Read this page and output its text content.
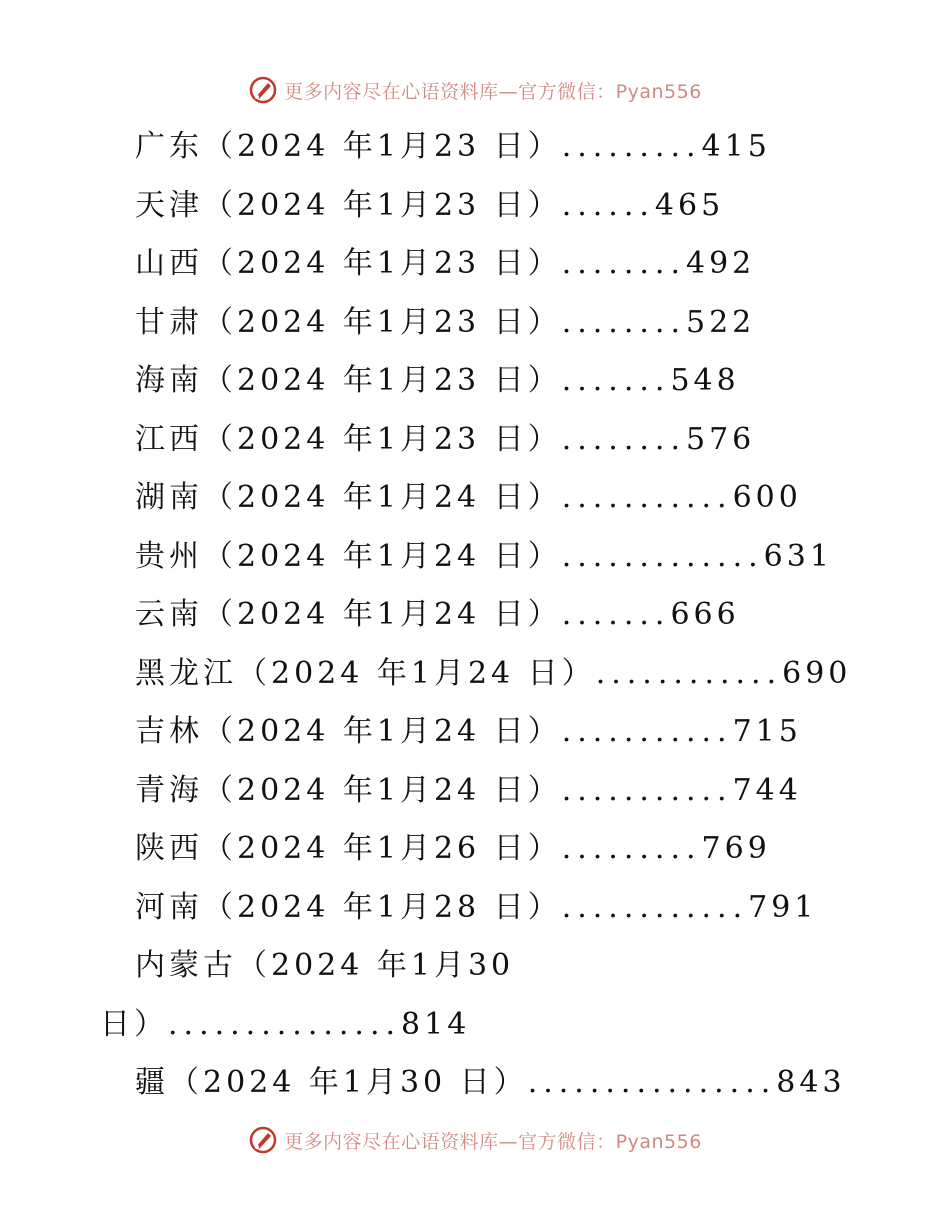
更多内容尽在心语资料库—官方微信：Pyan556
广东（2024 年1月23 日）.........415
天津（2024 年1月23 日）......465
山西（2024 年1月23 日）........492
甘肃（2024 年1月23 日）........522
海南（2024 年1月23 日）.......548
江西（2024 年1月23 日）........576
湖南（2024 年1月24 日）...........600
贵州（2024 年1月24 日）.............631
云南（2024 年1月24 日）.......666
黑龙江（2024 年1月24 日）............690
吉林（2024 年1月24 日）...........715
青海（2024 年1月24 日）...........744
陕西（2024 年1月26 日）.........769
河南（2024 年1月28 日）............791
内蒙古（2024 年1月30
日）...............814
疆（2024 年1月30 日）................843
更多内容尽在心语资料库—官方微信：Pyan556
